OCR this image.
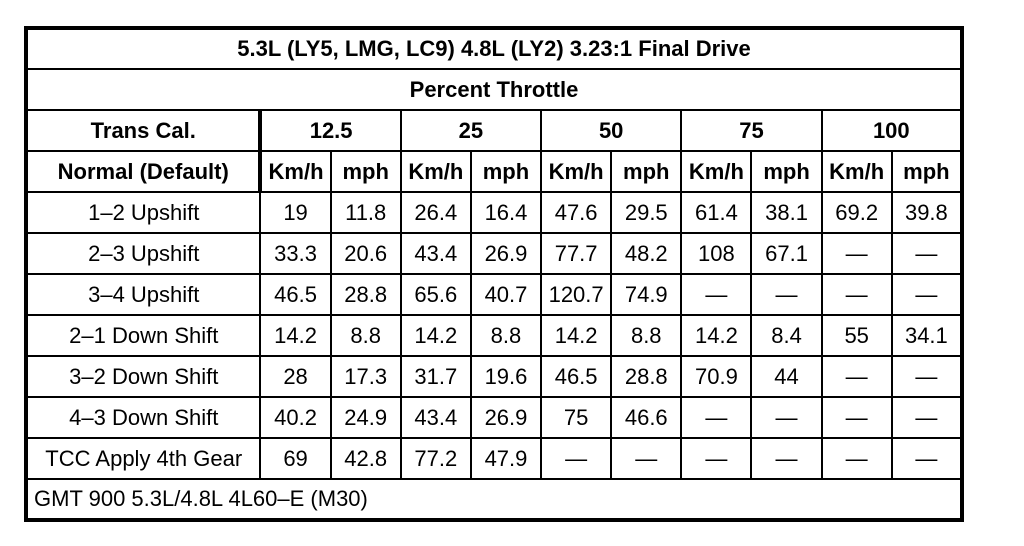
5.3L (LY5, LMG, LC9) 4.8L (LY2) 3.23:1 Final Drive										
Percent Throttle										
Trans Cal.	12.5		25		50		75		100	
Normal (Default)	Km/h	mph	Km/h	mph	Km/h	mph	Km/h	mph	Km/h	mph
1–2 Upshift	19	11.8	26.4	16.4	47.6	29.5	61.4	38.1	69.2	39.8
2–3 Upshift	33.3	20.6	43.4	26.9	77.7	48.2	108	67.1	—	—
3–4 Upshift	46.5	28.8	65.6	40.7	120.7	74.9	—	—	—	—
2–1 Down Shift	14.2	8.8	14.2	8.8	14.2	8.8	14.2	8.4	55	34.1
3–2 Down Shift	28	17.3	31.7	19.6	46.5	28.8	70.9	44	—	—
4–3 Down Shift	40.2	24.9	43.4	26.9	75	46.6	—	—	—	—
TCC Apply 4th Gear	69	42.8	77.2	47.9	—	—	—	—	—	—
GMT 900 5.3L/4.8L 4L60–E (M30)										
